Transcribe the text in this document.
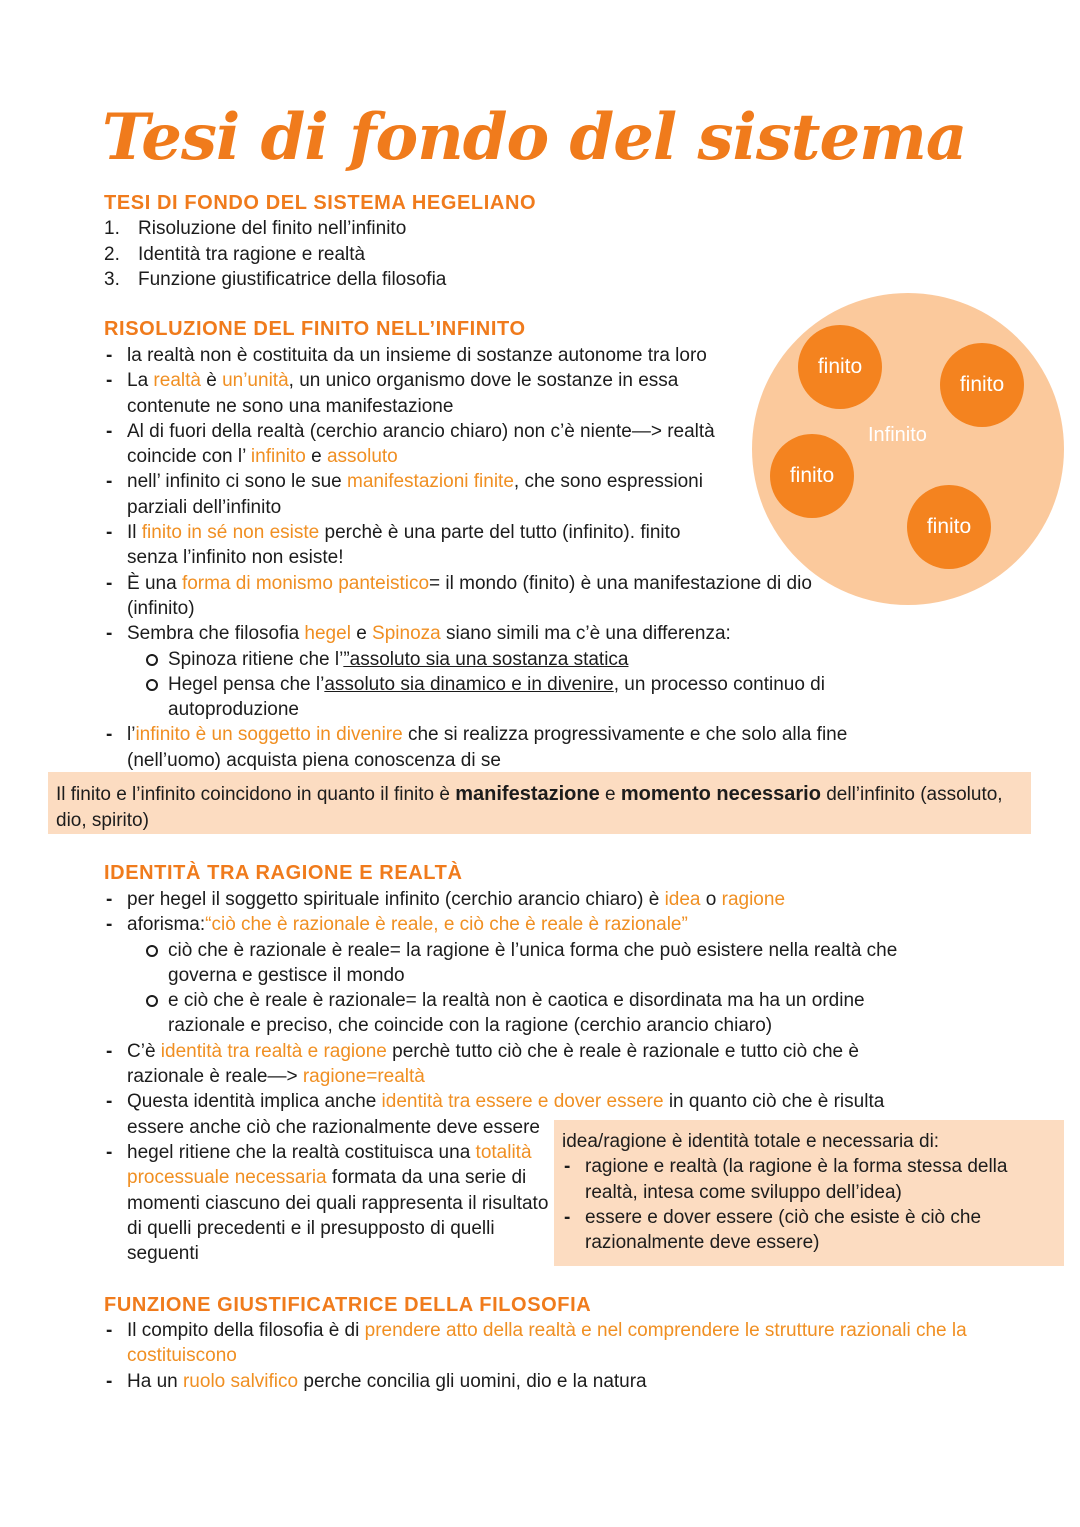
Tesi di fondo del sistema
TESI DI FONDO DEL SISTEMA HEGELIANO
1. Risoluzione del finito nell’infinito
2. Identità tra ragione e realtà
3. Funzione giustificatrice della filosofia
Infinito
finito
finito
finito
finito
RISOLUZIONE DEL FINITO NELL’INFINITO
- la realtà non è costituita da un insieme di sostanze autonome tra loro
- La realtà è un’unità, un unico organismo dove le sostanze in essa contenute ne sono una manifestazione
- Al di fuori della realtà (cerchio arancio chiaro) non c’è niente—> realtà coincide con l’ infinito e assoluto
- nell’ infinito ci sono le sue manifestazioni finite, che sono espressioni parziali dell’infinito
- Il finito in sé non esiste perchè è una parte del tutto (infinito). finito senza l’infinito non esiste!
- È una forma di monismo panteistico= il mondo (finito) è una manifestazione di dio (infinito)
- Sembra che filosofia hegel e Spinoza siano simili ma c’è una differenza:
Spinoza ritiene che l’”assoluto sia una sostanza statica
Hegel pensa che l’assoluto sia dinamico e in divenire, un processo continuo di autoproduzione
- l’infinito è un soggetto in divenire che si realizza progressivamente e che solo alla fine (nell’uomo) acquista piena conoscenza di se
Il finito e l’infinito coincidono in quanto il finito è manifestazione e momento necessario dell’infinito (assoluto, dio, spirito)
IDENTITÀ TRA RAGIONE E REALTÀ
- per hegel il soggetto spirituale infinito (cerchio arancio chiaro) è idea o ragione
- aforisma:“ciò che è razionale è reale, e ciò che è reale è razionale”
ciò che è razionale è reale= la ragione è l’unica forma che può esistere nella realtà che governa e gestisce il mondo
e ciò che è reale è razionale= la realtà non è caotica e disordinata ma ha un ordine razionale e preciso, che coincide con la ragione (cerchio arancio chiaro)
- C’è identità tra realtà e ragione perchè tutto ciò che è reale è razionale e tutto ciò che è razionale è reale—> ragione=realtà
- Questa identità implica anche identità tra essere e dover essere in quanto ciò che è risulta essere anche ciò che razionalmente deve essere
- hegel ritiene che la realtà costituisca una totalità processuale necessaria formata da una serie di momenti ciascuno dei quali rappresenta il risultato di quelli precedenti e il presupposto di quelli seguenti
idea/ragione è identità totale e necessaria di:
- ragione e realtà (la ragione è la forma stessa della realtà, intesa come sviluppo dell’idea)
- essere e dover essere (ciò che esiste è ciò che razionalmente deve essere)
FUNZIONE GIUSTIFICATRICE DELLA FILOSOFIA
- Il compito della filosofia è di prendere atto della realtà e nel comprendere le strutture razionali che la costituiscono
- Ha un ruolo salvifico perche concilia gli uomini, dio e la natura
